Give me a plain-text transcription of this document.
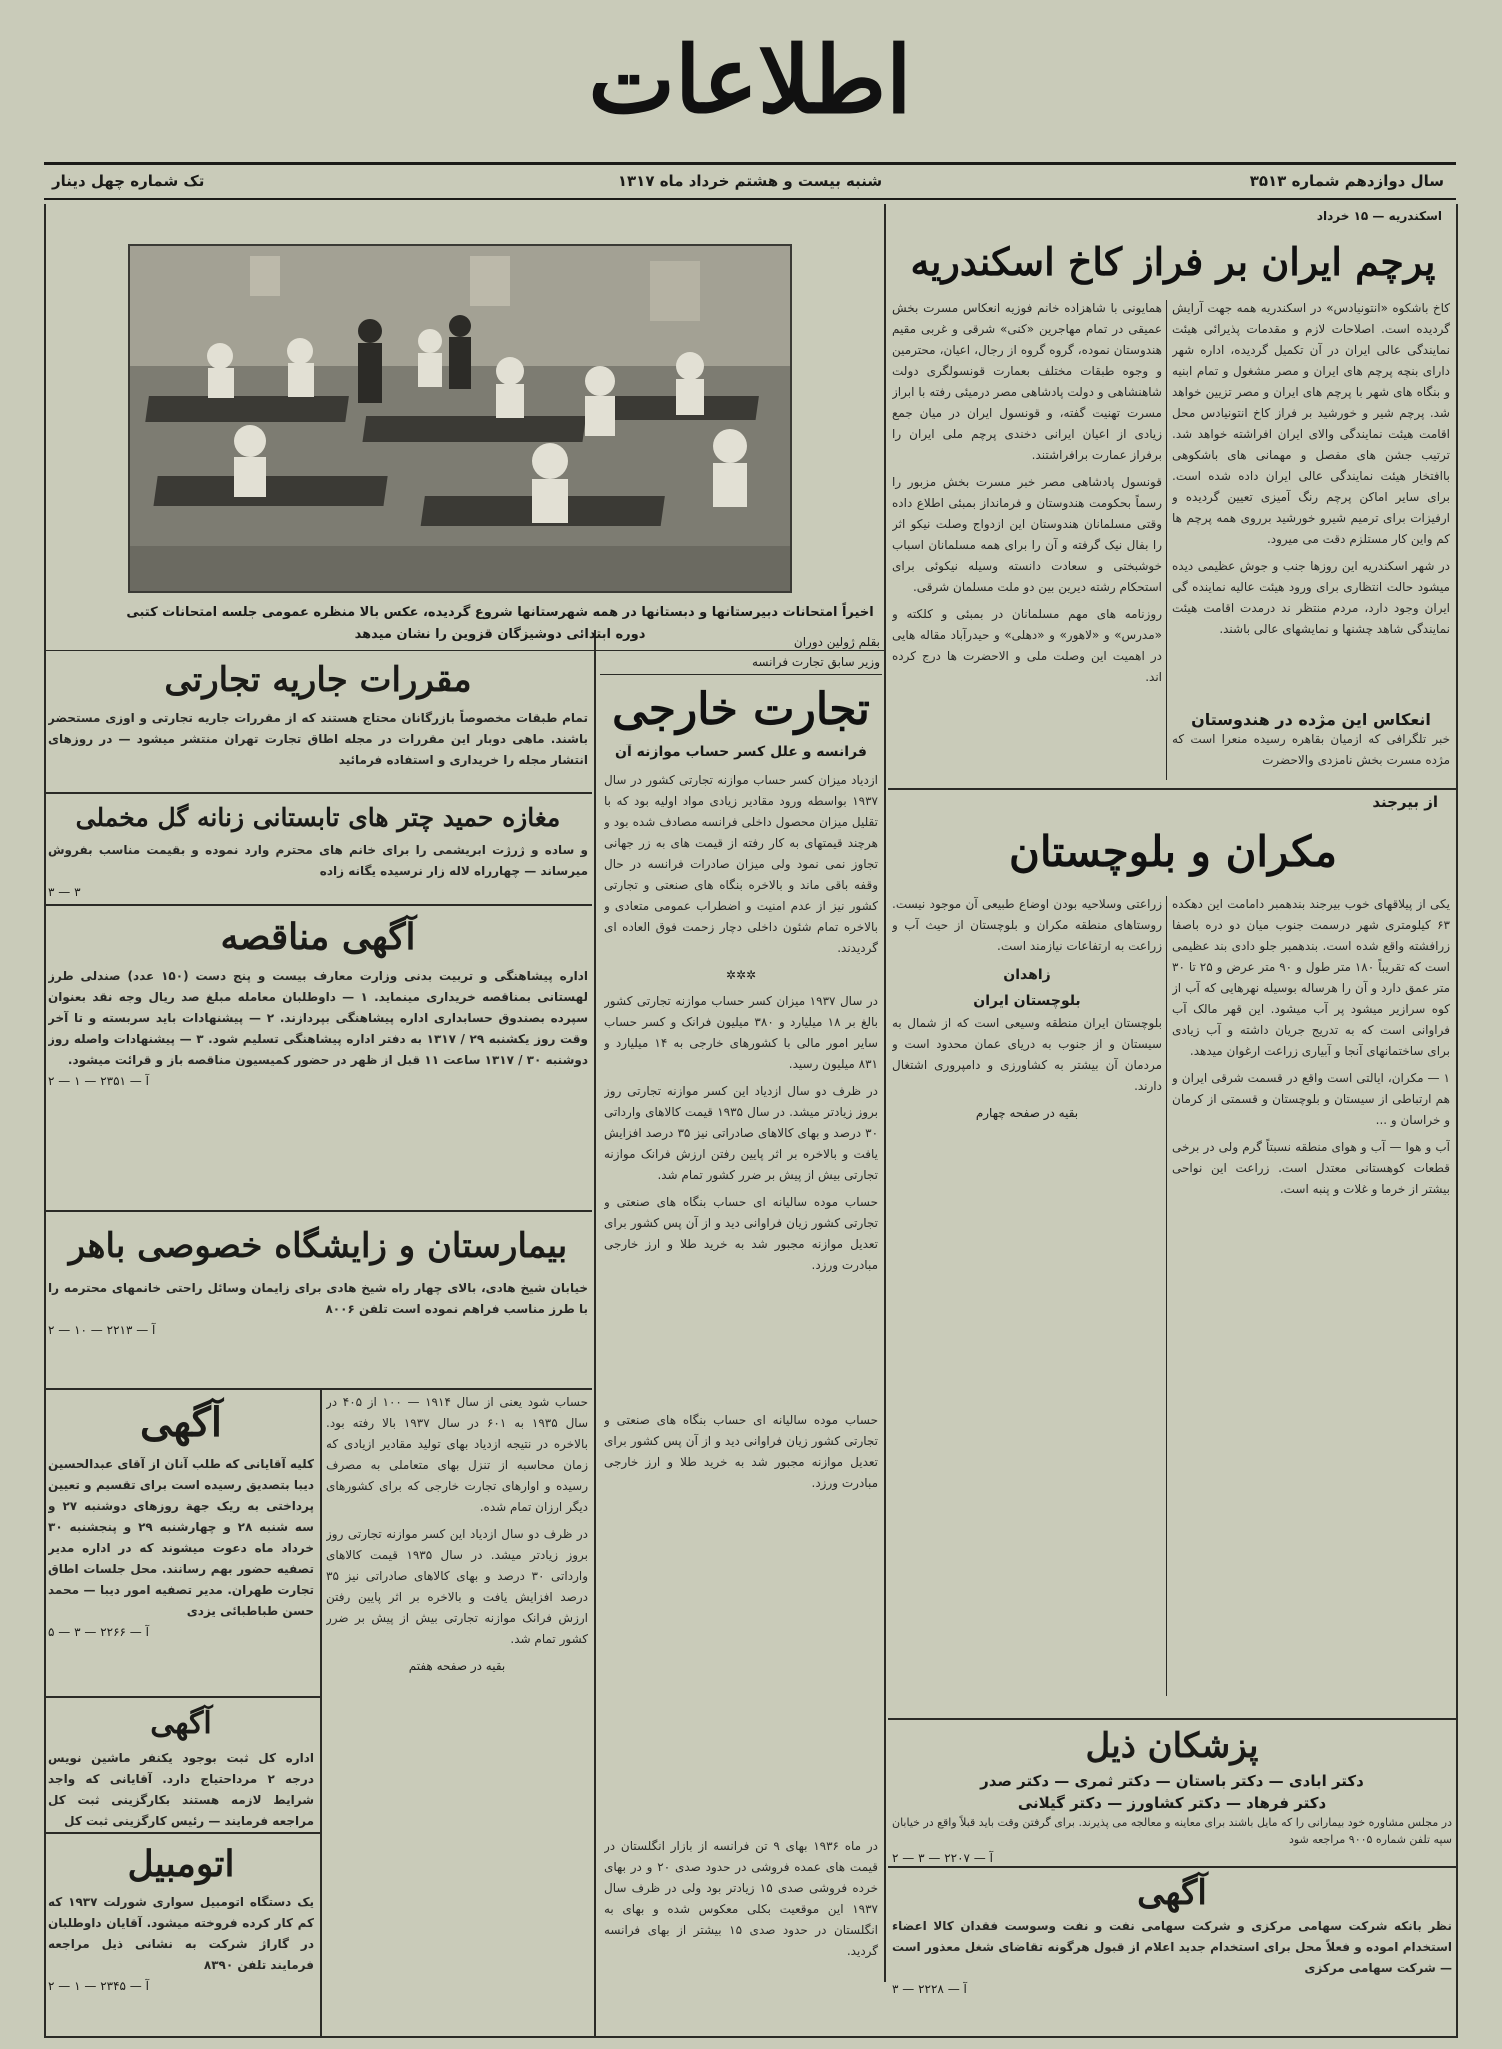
اطلاعات
سال دوازدهم شماره ۳۵۱۳
شنبه بیست و هشتم خرداد ماه ۱۳۱۷
تک شماره چهل دینار
اسکندریه — ۱۵ خرداد
پرچم ایران بر فراز کاخ اسکندریه

کاخ باشکوه «انتونیادس» در اسکندریه همه جهت آرایش گردیده است. اصلاحات لازم و مقدمات پذیرائی هیئت نمایندگی عالی ایران در آن تکمیل گردیده، اداره شهر دارای بنچه پرچم های ایران و مصر مشغول و تمام ابنیه و بنگاه های شهر با پرچم های ایران و مصر تزیین خواهد شد. پرچم شیر و خورشید بر فراز کاخ انتونیادس محل اقامت هیئت نمایندگی والای ایران افراشته خواهد شد. ترتیب جشن های مفصل و مهمانی های باشکوهی باافتخار هیئت نمایندگی عالی ایران داده شده است. برای سایر اماکن پرچم رنگ آمیزی تعیین گردیده و ارفیزات برای ترمیم شیرو خورشید برروی همه پرچم ها کم واین کار مستلزم دقت می میرود.

در شهر اسکندریه این روزها جنب و جوش عظیمی دیده میشود حالت انتظاری برای ورود هیئت عالیه نماینده گی ایران وجود دارد، مردم منتظر ند درمدت اقامت هیئت نمایندگی شاهد چشنها و نمایشهای عالی باشند.

انعکاس این مژده در هندوستان

خبر تلگرافی که ازمیان بقاهره رسیده منعرا است که مژده مسرت بخش نامزدی والاحضرت

همایونی با شاهزاده خانم فوزیه انعکاس مسرت بخش عمیقی در تمام مهاجرین «کنی» شرقی و غربی مقیم هندوستان نموده، گروه گروه از رجال، اعیان، محترمین و وجوه طبقات مختلف بعمارت قونسولگری دولت شاهنشاهی و دولت پادشاهی مصر درمیئی رفته با ابراز مسرت تهنیت گفته، و قونسول ایران در میان جمع زیادی از اعیان ایرانی دخندی پرچم ملی ایران را برفراز عمارت برافراشتند.

قونسول پادشاهی مصر خبر مسرت بخش مزبور را رسماً بحکومت هندوستان و فرمانداز بمبئی اطلاع داده وقتی مسلمانان هندوستان این ازدواج وصلت نیکو اثر را بفال نیک گرفته و آن را برای همه مسلمانان اسباب خوشبختی و سعادت دانسته وسیله نیکوئی برای استحکام رشته دیرین بین دو ملت مسلمان شرقی.

روزنامه های مهم مسلمانان در بمبئی و کلکته و «مدرس» و «لاهور» و «دهلی» و حیدرآباد مقاله هایی در اهمیت این وصلت ملی و الاحضرت ها درج کرده اند.

از بیرجند
مکران و بلوچستان

یکی از پیلاقهای خوب بیرجند بندهمبر دامامت این دهکده ۶۳ کیلومتری شهر درسمت جنوب میان دو دره باصفا زرافشته واقع شده است. بندهمبر جلو دادی بند عظیمی است که تقریباً ۱۸۰ متر طول و ۹۰ متر عرض و ۲۵ تا ۳۰ متر عمق دارد و آن را هرساله بوسیله نهرهایی که آب از کوه سرازیر میشود پر آب میشود. این قهر مالک آب فراوانی است که به تدریج جریان داشته و آب زیادی برای ساختمانهای آنجا و آبیاری زراعت ارغوان میدهد.

۱ — مکران، ایالتی است واقع در قسمت شرقی ایران و هم ارتباطی از سیستان و بلوچستان و قسمتی از کرمان و خراسان و ...

آب و هوا — آب و هوای منطقه نسبتاً گرم ولی در برخی قطعات کوهستانی معتدل است. زراعت این نواحی بیشتر از خرما و غلات و پنبه است.

زراعتی وسلاحیه بودن اوضاع طبیعی آن موجود نیست. روستاهای منطقه مکران و بلوچستان از حیث آب و زراعت به ارتفاعات نیازمند است.

زاهدان
بلوچستان ایران

بلوچستان ایران منطقه وسیعی است که از شمال به سیستان و از جنوب به دریای عمان محدود است و مردمان آن بیشتر به کشاورزی و دامپروری اشتغال دارند.

بقیه در صفحه چهارم
پزشکان ذیل
دکتر ابادی — دکتر باستان — دکتر ثمری — دکتر صدر
دکتر فرهاد — دکتر کشاورز — دکتر گیلانی

در مجلس مشاوره خود بیمارانی را که مایل باشند برای معاینه و معالجه می پذیرند. برای گرفتن وقت باید قبلاً واقع در خیابان سپه تلفن شماره ۹۰۰۵ مراجعه شود

آ — ۲۲۰۷ — ۳ — ۲
آگهی

نظر بانکه شرکت سهامی مرکزی و شرکت سهامی نفت و نفت وسوست فقدان کالا اعضاء استخدام اموده و فعلاً محل برای استخدام جدید اعلام از قبول هرگونه تقاضای شغل معذور است — شرکت سهامی مرکزی

آ — ۲۲۲۸ — ۳
اخیراً امتحانات دبیرستانها و دبستانها در همه شهرستانها شروع گردیده، عکس بالا منظره عمومی جلسه امتحانات کتبی
دوره ابتدائی دوشیزگان قزوین را نشان میدهد	بقلم ژولین دوران
وزیر سابق تجارت فرانسه
تجارت خارجی
فرانسه و علل کسر حساب موازنه آن

ازدیاد میزان کسر حساب موازنه تجارتی کشور در سال ۱۹۳۷ بواسطه ورود مقادیر زیادی مواد اولیه بود که با تقلیل میزان محصول داخلی فرانسه مصادف شده بود و هرچند قیمتهای به کار رفته از قیمت های به زر جهانی تجاوز نمی نمود ولی میزان صادرات فرانسه در حال وقفه باقی ماند و بالاخره بنگاه های صنعتی و تجارتی کشور نیز از عدم امنیت و اضطراب عمومی متعادی و بالاخره تمام شئون داخلی دچار زحمت فوق العاده ای گردیدند.

✲✲✲

در سال ۱۹۳۷ میزان کسر حساب موازنه تجارتی کشور بالغ بر ۱۸ میلیارد و ۳۸۰ میلیون فرانک و کسر حساب سایر امور مالی با کشورهای خارجی به ۱۴ میلیارد و ۸۳۱ میلیون رسید.

در ظرف دو سال ازدیاد این کسر موازنه تجارتی روز بروز زیادتر میشد. در سال ۱۹۳۵ قیمت کالاهای وارداتی ۳۰ درصد و بهای کالاهای صادراتی نیز ۳۵ درصد افزایش یافت و بالاخره بر اثر پایین رفتن ارزش فرانک موازنه تجارتی بیش از پیش بر ضرر کشور تمام شد.

حساب موده سالیانه ای حساب بنگاه های صنعتی و تجارتی کشور زیان فراوانی دید و از آن پس کشور برای تعدیل موازنه مجبور شد به خرید طلا و ارز خارجی مبادرت ورزد.

حساب موده سالیانه ای حساب بنگاه های صنعتی و تجارتی کشور زیان فراوانی دید و از آن پس کشور برای تعدیل موازنه مجبور شد به خرید طلا و ارز خارجی مبادرت ورزد.

در ماه ۱۹۳۶ بهای ۹ تن فرانسه از بازار انگلستان در قیمت های عمده فروشی در حدود صدی ۲۰ و در بهای خرده فروشی صدی ۱۵ زیادتر بود ولی در ظرف سال ۱۹۳۷ این موقعیت بکلی معکوس شده و بهای به انگلستان در حدود صدی ۱۵ بیشتر از بهای فرانسه گردید.

حساب شود یعنی از سال ۱۹۱۴ — ۱۰۰ از ۴۰۵ در سال ۱۹۳۵ به ۶۰۱ در سال ۱۹۳۷ بالا رفته بود. بالاخره در نتیجه ازدیاد بهای تولید مقادیر ازیادی که زمان محاسبه از تنزل بهای متعاملی به مصرف رسیده و اوارهای تجارت خارجی که برای کشورهای دیگر ارزان تمام شده.

در ظرف دو سال ازدیاد این کسر موازنه تجارتی روز بروز زیادتر میشد. در سال ۱۹۳۵ قیمت کالاهای وارداتی ۳۰ درصد و بهای کالاهای صادراتی نیز ۳۵ درصد افزایش یافت و بالاخره بر اثر پایین رفتن ارزش فرانک موازنه تجارتی بیش از پیش بر ضرر کشور تمام شد.

بقیه در صفحه هفتم
مقررات جاریه تجارتی

تمام طبقات مخصوصاً بازرگانان محتاج هستند که از مقررات جاریه تجارتی و اوزی مستحضر باشند. ماهی دوبار این مقررات در مجله اطاق تجارت تهران منتشر میشود — در روزهای انتشار مجله را خریداری و استفاده فرمائید

مغازه حمید چتر های تابستانی زنانه گل مخملی

و ساده و ژرژت ابریشمی را برای خانم های محترم وارد نموده و بقیمت مناسب بفروش میرساند — چهارراه لاله زار نرسیده یگانه زاده

۳ — ۳
آگهی مناقصه

اداره پیشاهنگی و تربیت بدنی وزارت معارف بیست و پنج دست (۱۵۰ عدد) صندلی طرز لهستانی بمناقصه خریداری مینماید. ۱ — داوطلبان معامله مبلغ صد ریال وجه نقد بعنوان سپرده بصندوق حسابداری اداره پیشاهنگی بپردازند. ۲ — پیشنهادات باید سربسته و تا آخر وقت روز یکشنبه ۲۹ / ۱۳۱۷ به دفتر اداره پیشاهنگی تسلیم شود. ۳ — پیشنهادات واصله روز دوشنبه ۳۰ / ۱۳۱۷ ساعت ۱۱ قبل از ظهر در حضور کمیسیون مناقصه باز و قرائت میشود.

آ — ۲۳۵۱ — ۱ — ۲
بیمارستان و زایشگاه خصوصی باهر

خیابان شیخ هادی، بالای چهار راه شیخ هادی برای زایمان وسائل راحتی خانمهای محترمه را با طرز مناسب فراهم نموده است تلفن ۸۰۰۶

آ — ۲۲۱۳ — ۱۰ — ۲
آگهی

کلیه آقایانی که طلب آنان از آقای عبدالحسین دیبا بتصدیق رسیده است برای تقسیم و تعیین پرداختی به ریک جهة روزهای دوشنبه ۲۷ و سه شنبه ۲۸ و چهارشنبه ۲۹ و پنجشنبه ۳۰ خرداد ماه دعوت میشوند که در اداره مدیر تصفیه حضور بهم رسانند. محل جلسات اطاق تجارت طهران. مدیر تصفیه امور دیبا — محمد حسن طباطبائی یزدی

آ — ۲۲۶۶ — ۳ — ۵
آگهی

اداره کل ثبت بوجود یکنفر ماشین نویس درجه ۲ مرداحتیاج دارد. آقایانی که واجد شرایط لازمه هستند بکارگزینی ثبت کل مراجعه فرمایند — رئیس کارگزینی ثبت کل

اتومبیل

یک دستگاه اتومبیل سواری شورلت ۱۹۳۷ که کم کار کرده فروخته میشود. آقایان داوطلبان در گاراژ شرکت به نشانی ذیل مراجعه فرمایند تلفن ۸۳۹۰

آ — ۲۳۴۵ — ۱ — ۲
